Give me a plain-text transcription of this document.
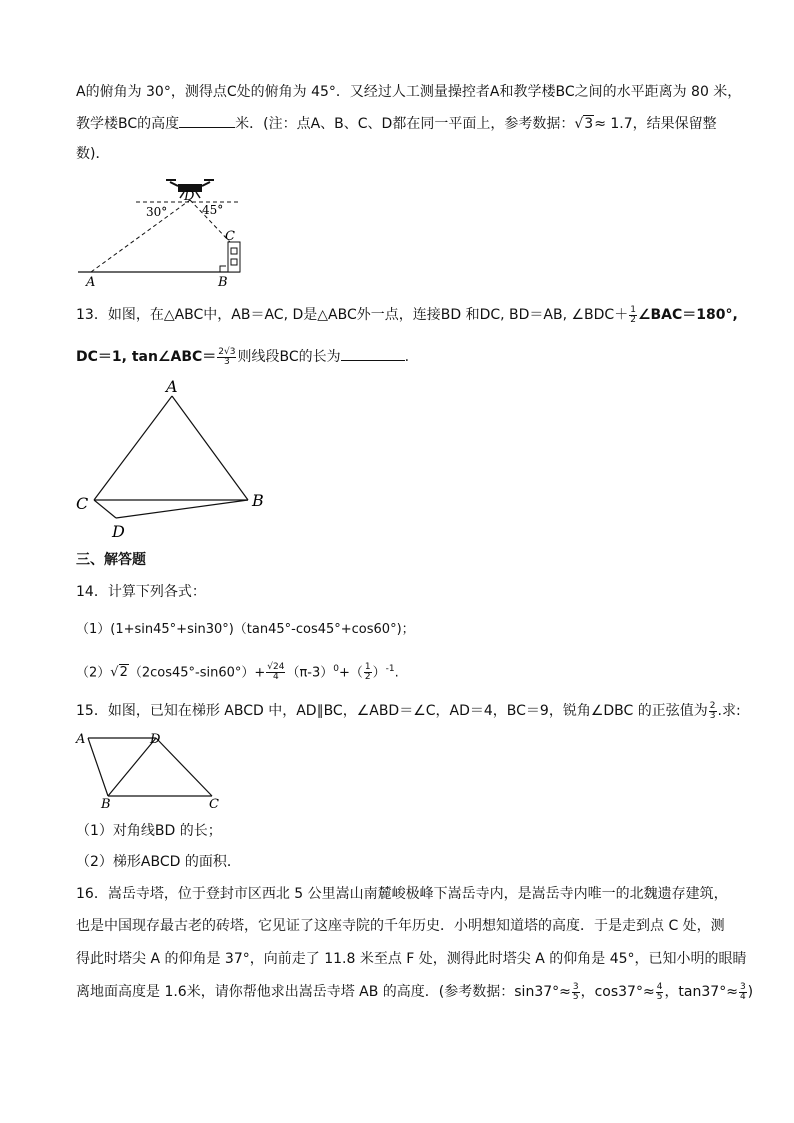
A的俯角为 30°，测得点C处的俯角为 45°．又经过人工测量操控者A和教学楼BC之间的水平距离为 80 米，
教学楼BC的高度	米．(注：点A、B、C、D都在同一平面上，参考数据：√3≈ 1.7，结果保留整
数)．
D
30°	45°
C
A	B
13．如图，在△ABC中，AB＝AC, D是△ABC外一点，连接BD 和DC, BD＝AB, ∠BDC＋ $\frac{1}{2}$ ∠BAC＝180°,
DC＝1, tan∠ABC＝ $\frac{2√3}{3}$ 则线段BC的长为	.
A
C	B
D
三、解答题
14．计算下列各式：
（1）(1+sin45°+sin30°)（tan45°-cos45°+cos60°)；
$(2)√2(2\cos 45^\circ-\sin 60^\circ)+ \frac{√24}{4} (\pi-3)^0+( \frac{1}{2} )^{-1}$.
15．如图，已知在梯形 ABCD 中，AD∥BC，∠ABD＝∠C，AD＝4，BC＝9，锐角∠DBC 的正弦值为 $\frac{2}{3}$ .求:
A	D
B	C
（1）对角线BD 的长；
（2）梯形ABCD 的面积．
16．嵩岳寺塔，位于登封市区西北 5 公里嵩山南麓峻极峰下嵩岳寺内，是嵩岳寺内唯一的北魏遗存建筑，
也是中国现存最古老的砖塔，它见证了这座寺院的千年历史．小明想知道塔的高度．于是走到点 C 处，测
得此时塔尖 A 的仰角是 37°，向前走了 11.8 米至点 F 处，测得此时塔尖 A 的仰角是 45°，已知小明的眼睛
离地面高度是 1.6米，请你帮他求出嵩岳寺塔 AB 的高度．(参考数据：$\sin 37^\circ\approx \frac{3}{5}$ ，$\cos 37^\circ\approx \frac{4}{5}$ ，$\tan 37^\circ\approx \frac{3}{4}$ )
